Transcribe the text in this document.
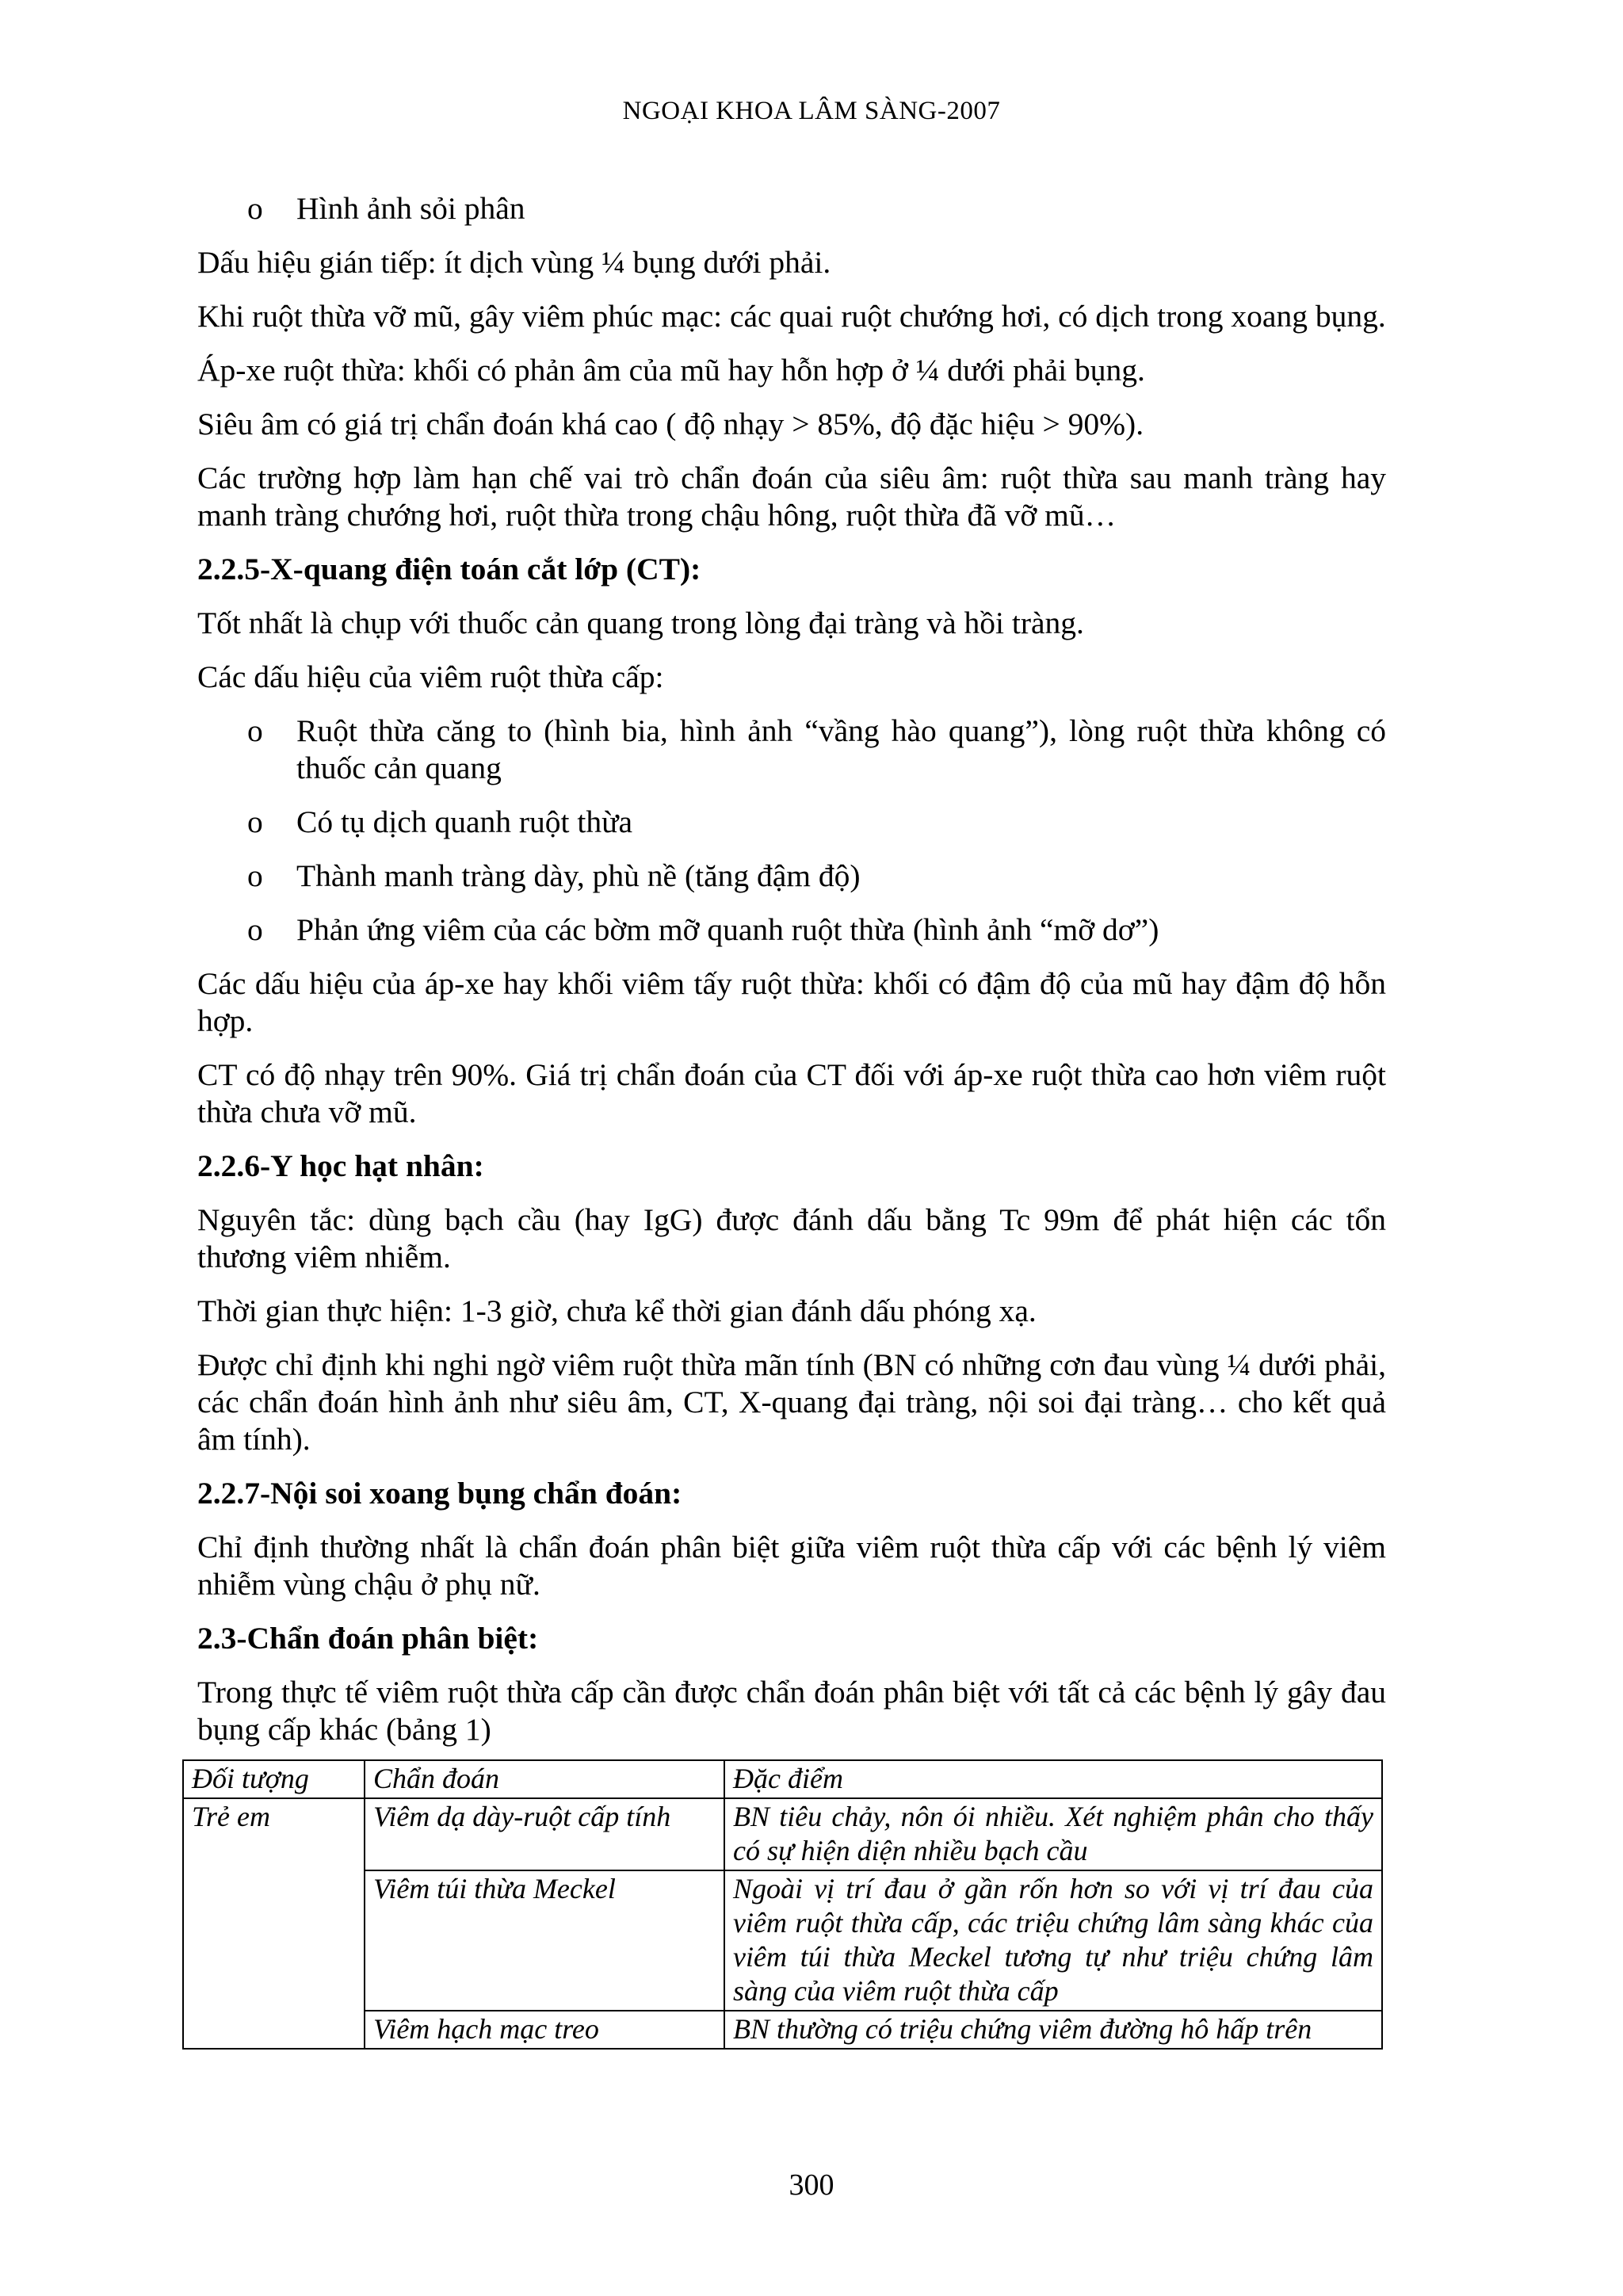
NGOẠI KHOA LÂM SÀNG-2007
o Hình ảnh sỏi phân

Dấu hiệu gián tiếp: ít dịch vùng ¼ bụng dưới phải.

Khi ruột thừa vỡ mũ, gây viêm phúc mạc: các quai ruột chướng hơi, có dịch trong xoang bụng.

Áp-xe ruột thừa: khối có phản âm của mũ hay hỗn hợp ở ¼ dưới phải bụng.

Siêu âm có giá trị chẩn đoán khá cao ( độ nhạy > 85%, độ đặc hiệu > 90%).

Các trường hợp làm hạn chế vai trò chẩn đoán của siêu âm: ruột thừa sau manh tràng hay manh tràng chướng hơi, ruột thừa trong chậu hông, ruột thừa đã vỡ mũ…

2.2.5-X-quang điện toán cắt lớp (CT):

Tốt nhất là chụp với thuốc cản quang trong lòng đại tràng và hồi tràng.

Các dấu hiệu của viêm ruột thừa cấp:

o Ruột thừa căng to (hình bia, hình ảnh “vầng hào quang”), lòng ruột thừa không có thuốc cản quang
o Có tụ dịch quanh ruột thừa
o Thành manh tràng dày, phù nề (tăng đậm độ)
o Phản ứng viêm của các bờm mỡ quanh ruột thừa (hình ảnh “mỡ dơ”)

Các dấu hiệu của áp-xe hay khối viêm tấy ruột thừa: khối có đậm độ của mũ hay đậm độ hỗn hợp.

CT có độ nhạy trên 90%. Giá trị chẩn đoán của CT đối với áp-xe ruột thừa cao hơn viêm ruột thừa chưa vỡ mũ.

2.2.6-Y học hạt nhân:

Nguyên tắc: dùng bạch cầu (hay IgG) được đánh dấu bằng Tc 99m để phát hiện các tổn thương viêm nhiễm.

Thời gian thực hiện: 1-3 giờ, chưa kể thời gian đánh dấu phóng xạ.

Được chỉ định khi nghi ngờ viêm ruột thừa mãn tính (BN có những cơn đau vùng ¼ dưới phải, các chẩn đoán hình ảnh như siêu âm, CT, X-quang đại tràng, nội soi đại tràng… cho kết quả âm tính).

2.2.7-Nội soi xoang bụng chẩn đoán:

Chỉ định thường nhất là chẩn đoán phân biệt giữa viêm ruột thừa cấp với các bệnh lý viêm nhiễm vùng chậu ở phụ nữ.

2.3-Chẩn đoán phân biệt:

Trong thực tế viêm ruột thừa cấp cần được chẩn đoán phân biệt với tất cả các bệnh lý gây đau bụng cấp khác (bảng 1)

Đối tượng	Chẩn đoán	Đặc điểm
Trẻ em	Viêm dạ dày-ruột cấp tính	BN tiêu chảy, nôn ói nhiều. Xét nghiệm phân cho thấy có sự hiện diện nhiều bạch cầu
	Viêm túi thừa Meckel	Ngoài vị trí đau ở gần rốn hơn so với vị trí đau của viêm ruột thừa cấp, các triệu chứng lâm sàng khác của viêm túi thừa Meckel tương tự như triệu chứng lâm sàng của viêm ruột thừa cấp
	Viêm hạch mạc treo	BN thường có triệu chứng viêm đường hô hấp trên
300
